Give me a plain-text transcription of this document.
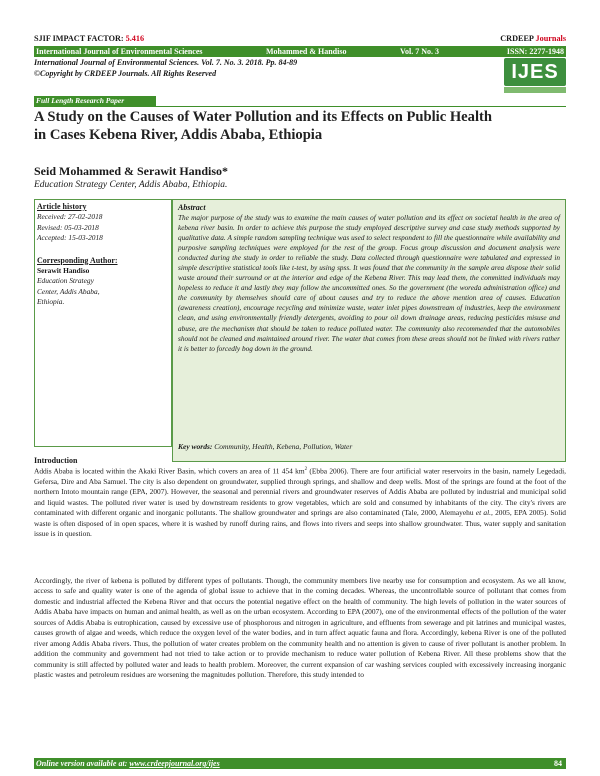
SJIF IMPACT FACTOR: 5.416	CRDEEP Journals
International Journal of Environmental Sciences	Mohammed & Handiso	Vol. 7 No. 3	ISSN: 2277-1948
International Journal of Environmental Sciences. Vol. 7. No. 3. 2018. Pp. 84-89
©Copyright by CRDEEP Journals. All Rights Reserved	IJES
Full Length Research Paper
A Study on the Causes of Water Pollution and its Effects on Public Health
in Cases Kebena River, Addis Ababa, Ethiopia
Seid Mohammed & Serawit Handiso*
Education Strategy Center, Addis Ababa, Ethiopia.
Article history
Received: 27-02-2018
Revised: 05-03-2018
Accepted: 15-03-2018
Corresponding Author:
Serawit Handiso
Education Strategy
Center, Addis Ababa,
Ethiopia.
Abstract
The major purpose of the study was to examine the main causes of water pollution and its effect on societal health in the area of kebena river basin. In order to achieve this purpose the study employed descriptive survey and case study methods supported by qualitative data. A simple random sampling technique was used to select respondent to fill the questionnaire while availability and purposive sampling techniques were employed for the rest of the group. Focus group discussion and document analysis were conducted during the study in order to reliable the study. Data collected through questionnaire were tabulated and expressed in simple descriptive statistical tools like t-test, by using spss. It was found that the community in the sample area dispose their solid waste around their surround or at the interior and edge of the Kebena River. This may lead them, the committed individuals may hopeless to reduce it and lastly they may follow the uncommitted ones. So the government (the woreda administration office) and the community by themselves should care of about causes and try to reduce the above mention area of causes. Education (awareness creation), encourage recycling and minimize waste, water inlet pipes downstream of industries, keep the environment clean, and using environmentally friendly detergents, avoiding to pour oil down drainage areas, reducing pesticides misuse and abuse, are the mechanism that should be taken to reduce polluted water. The community also recommended that the automobiles should not be cleaned and maintained around river. The water that comes from these areas should not be linked with rivers rather it is better to forcedly bog down in the ground.
Key words: Community, Health, Kebena, Pollution, Water
Introduction
Addis Ababa is located within the Akaki River Basin, which covers an area of 11 454 $km^2$ (Ebba 2006). There are four artificial water reservoirs in the basin, namely Legedadi, Gefersa, Dire and Aba Samuel. The city is also dependent on groundwater, supplied through springs, and shallow and deep wells. Most of the springs are found at the foot of the northern Intoto mountain range (EPA, 2007). However, the seasonal and perennial rivers and groundwater reserves of Addis Ababa are polluted by industrial and municipal solid and liquid wastes. The polluted river water is used by downstream residents to grow vegetables, which are sold and consumed by inhabitants of the city. The city's rivers are contaminated with different organic and inorganic pollutants. The shallow groundwater and springs are also contaminated (Tale, 2000, Alemayehu et al., 2005, EPA 2005). Solid waste is often disposed of in open spaces, where it is washed by runoff during rains, and flows into rivers and seeps into shallow groundwater. Thus, water supply and sanitation issue is in question.
Accordingly, the river of kebena is polluted by different types of pollutants. Though, the community members live nearby use for consumption and ecosystem. As we all know, access to safe and quality water is one of the agenda of global issue to achieve that in the coming decades. Whereas, the uncontrollable source of pollutant that comes from domestic and industrial affected the Kebena River and that occurs the potential negative effect on the health of community. The high levels of pollution in the water sources of Addis Ababa have impacts on human and animal health, as well as on the urban ecosystem. According to EPA (2007), one of the environmental effects of the pollution of the water sources of Addis Ababa is eutrophication, caused by excessive use of phosphorous and nitrogen in agriculture, and effluents from sewerage and pit latrines and municipal wastes, causes growth of algae and weeds, which reduce the oxygen level of the water bodies, and in turn affect aquatic fauna and flora. Accordingly, kebena River is one of the polluted river among Addis Ababa rivers. Thus, the pollution of water creates problem on the community health and no attention is given to cause of river pollutant is another problem. In addition the community and government had not tried to take action or to provide mechanism to reduce water pollution of Kebena River. All these problems show that the community is still affected by polluted water and leads to health problem. Moreover, the current expansion of car washing services coupled with excessively increasing inorganic plastic wastes and petroleum residues are worsening the magnitudes pollution. Therefore, this study intended to
Online version available at: www.crdeepjournal.org/ijes	84
